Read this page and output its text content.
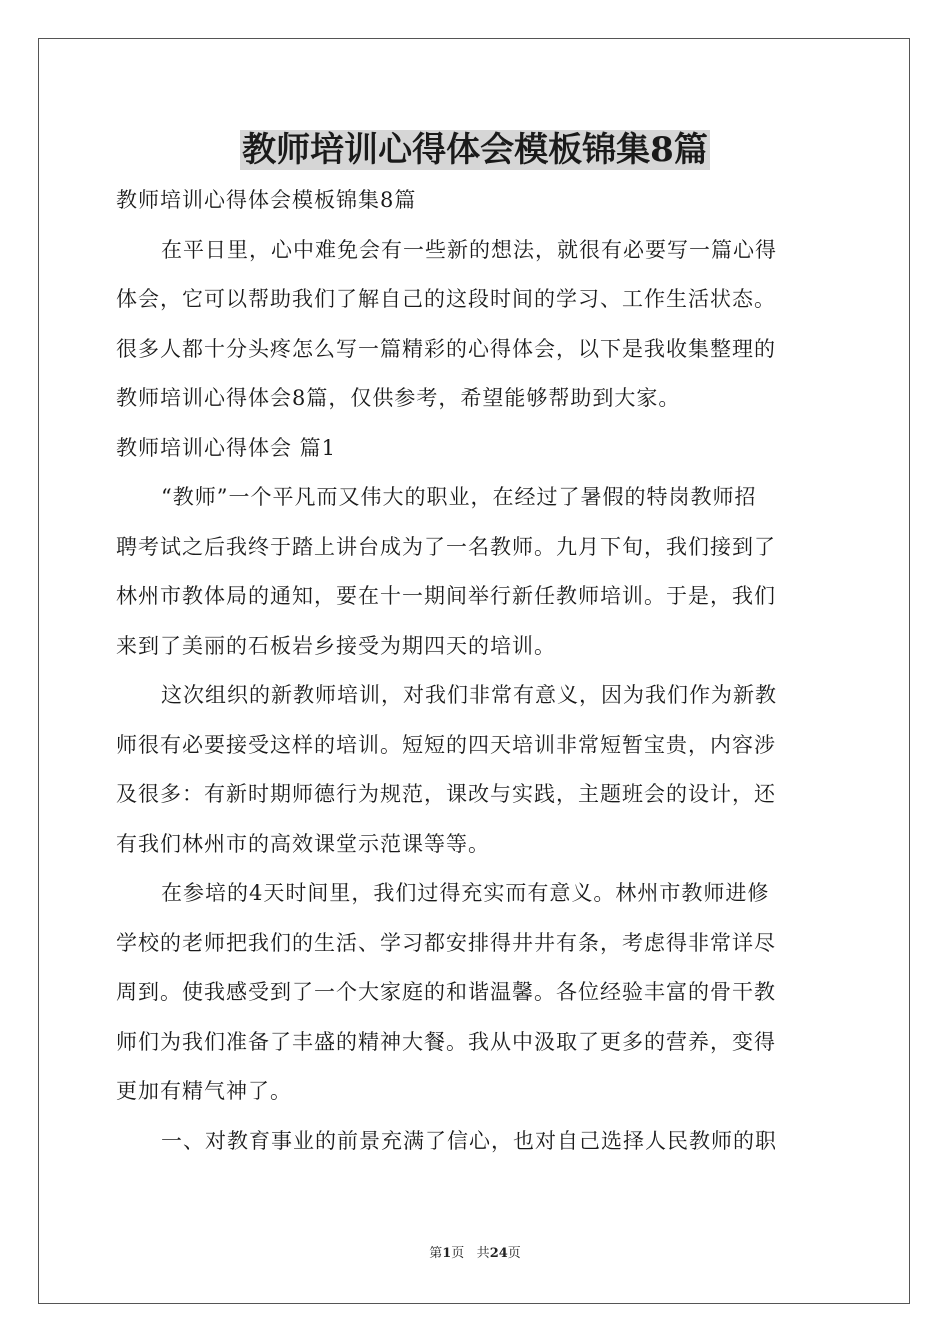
教师培训心得体会模板锦集8篇

教师培训心得体会模板锦集8篇

在平日里，心中难免会有一些新的想法，就很有必要写一篇心得

体会，它可以帮助我们了解自己的这段时间的学习、工作生活状态。

很多人都十分头疼怎么写一篇精彩的心得体会，以下是我收集整理的

教师培训心得体会8篇，仅供参考，希望能够帮助到大家。

教师培训心得体会 篇1

“教师”一个平凡而又伟大的职业，在经过了暑假的特岗教师招

聘考试之后我终于踏上讲台成为了一名教师。九月下旬，我们接到了

林州市教体局的通知，要在十一期间举行新任教师培训。于是，我们

来到了美丽的石板岩乡接受为期四天的培训。

这次组织的新教师培训，对我们非常有意义，因为我们作为新教

师很有必要接受这样的培训。短短的四天培训非常短暂宝贵，内容涉

及很多：有新时期师德行为规范，课改与实践，主题班会的设计，还

有我们林州市的高效课堂示范课等等。

在参培的4天时间里，我们过得充实而有意义。林州市教师进修

学校的老师把我们的生活、学习都安排得井井有条，考虑得非常详尽

周到。使我感受到了一个大家庭的和谐温馨。各位经验丰富的骨干教

师们为我们准备了丰盛的精神大餐。我从中汲取了更多的营养，变得

更加有精气神了。

一、对教育事业的前景充满了信心，也对自己选择人民教师的职

第1页 共24页
